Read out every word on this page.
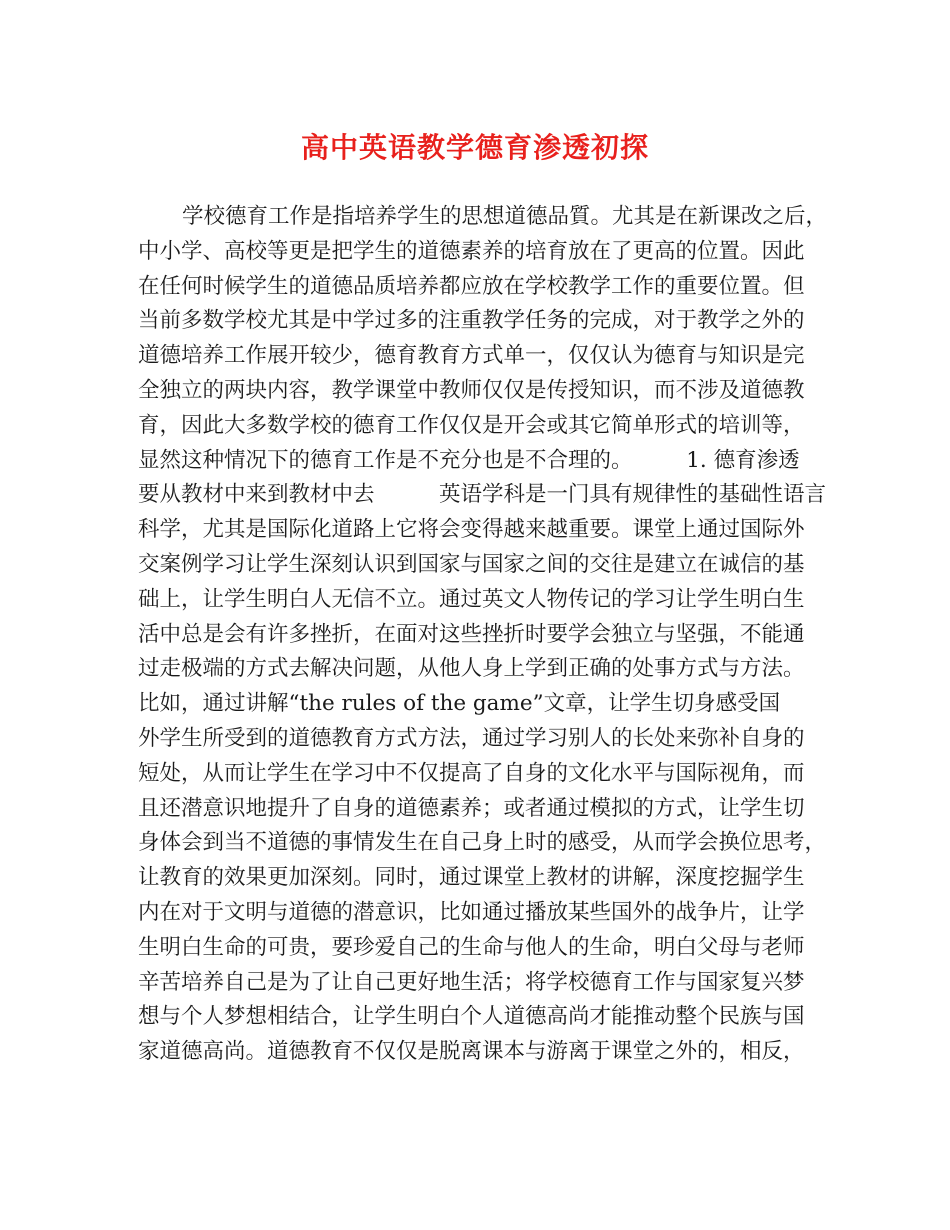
高中英语教学德育渗透初探
学校德育工作是指培养学生的思想道德品質。尤其是在新课改之后，
中小学、高校等更是把学生的道德素养的培育放在了更高的位置。因此
在任何时候学生的道德品质培养都应放在学校教学工作的重要位置。但
当前多数学校尤其是中学过多的注重教学任务的完成，对于教学之外的
道德培养工作展开较少，德育教育方式单一，仅仅认为德育与知识是完
全独立的两块内容，教学课堂中教师仅仅是传授知识，而不涉及道德教
育，因此大多数学校的德育工作仅仅是开会或其它简单形式的培训等，
显然这种情况下的德育工作是不充分也是不合理的。　　　1. 德育渗透
要从教材中来到教材中去　　　英语学科是一门具有规律性的基础性语言
科学，尤其是国际化道路上它将会变得越来越重要。课堂上通过国际外
交案例学习让学生深刻认识到国家与国家之间的交往是建立在诚信的基
础上，让学生明白人无信不立。通过英文人物传记的学习让学生明白生
活中总是会有许多挫折，在面对这些挫折时要学会独立与坚强，不能通
过走极端的方式去解决问题，从他人身上学到正确的处事方式与方法。
比如，通过讲解“the rules of the game”文章，让学生切身感受国
外学生所受到的道德教育方式方法，通过学习别人的长处来弥补自身的
短处，从而让学生在学习中不仅提高了自身的文化水平与国际视角，而
且还潜意识地提升了自身的道德素养；或者通过模拟的方式，让学生切
身体会到当不道德的事情发生在自己身上时的感受，从而学会换位思考，
让教育的效果更加深刻。同时，通过课堂上教材的讲解，深度挖掘学生
内在对于文明与道德的潜意识，比如通过播放某些国外的战争片，让学
生明白生命的可贵，要珍爱自己的生命与他人的生命，明白父母与老师
辛苦培养自己是为了让自己更好地生活；将学校德育工作与国家复兴梦
想与个人梦想相结合，让学生明白个人道德高尚才能推动整个民族与国
家道德高尚。道德教育不仅仅是脱离课本与游离于课堂之外的，相反，
